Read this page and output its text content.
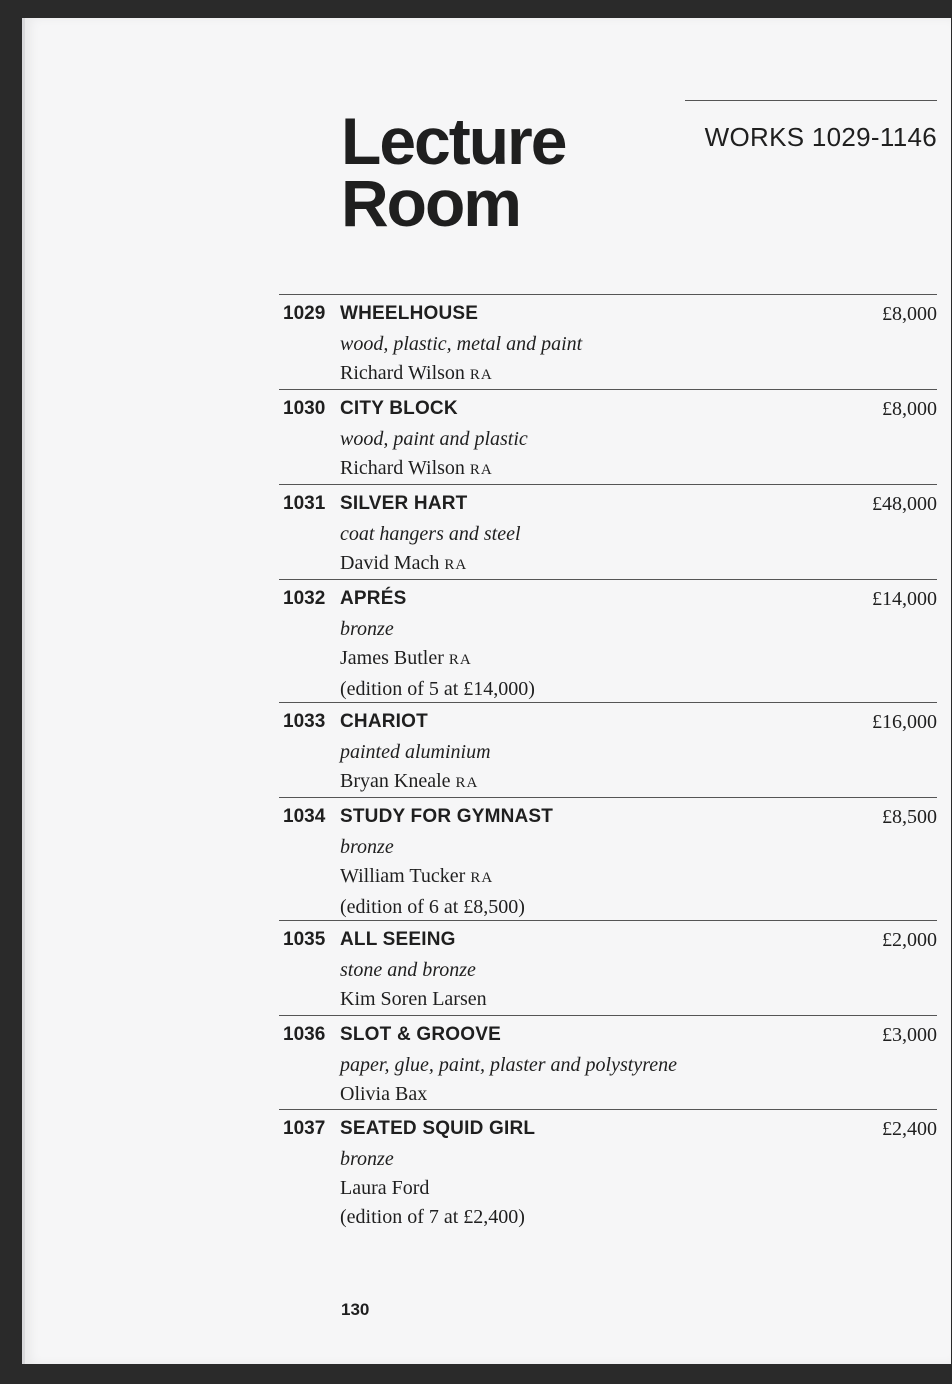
Lecture
Room
WORKS 1029-1146
1029 WHEELHOUSE	£8,000
wood, plastic, metal and paint
Richard Wilson RA
1030 CITY BLOCK	£8,000
wood, paint and plastic
Richard Wilson RA
1031 SILVER HART	£48,000
coat hangers and steel
David Mach RA
1032 APRÉS	£14,000
bronze
James Butler RA
(edition of 5 at £14,000)
1033 CHARIOT	£16,000
painted aluminium
Bryan Kneale RA
1034 STUDY FOR GYMNAST	£8,500
bronze
William Tucker RA
(edition of 6 at £8,500)
1035 ALL SEEING	£2,000
stone and bronze
Kim Soren Larsen
1036 SLOT & GROOVE	£3,000
paper, glue, paint, plaster and polystyrene
Olivia Bax
1037 SEATED SQUID GIRL	£2,400
bronze
Laura Ford
(edition of 7 at £2,400)
130
